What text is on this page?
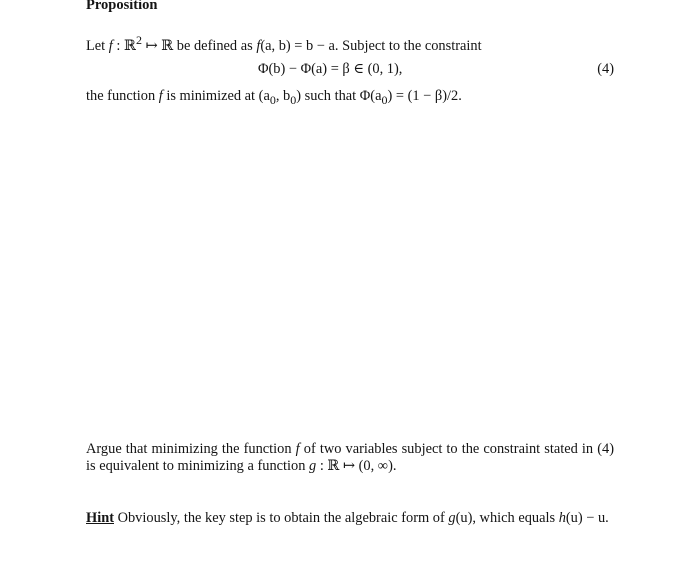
Proposition
Let f : ℝ$^2$ ↦ ℝ be defined as f(a, b) = b − a. Subject to the constraint
Φ(b) − Φ(a) = β ∈ (0, 1),	(4)
the function f is minimized at ($a_0$, $b_0$) such that $\Phi(a_0) = (1 - \beta)/2$.
Argue that minimizing the function f of two variables subject to the constraint stated in (4) is equivalent to minimizing a function g : ℝ ↦ (0, ∞).
Hint Obviously, the key step is to obtain the algebraic form of g(u), which equals h(u) − u.
